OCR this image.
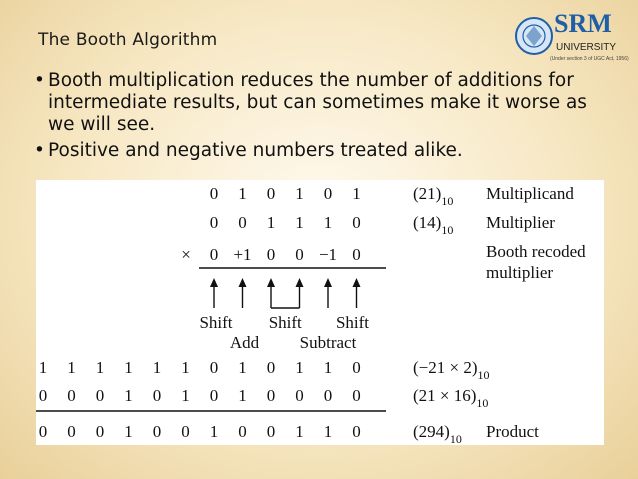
The Booth Algorithm
SRM
UNIVERSITY
(Under section 3 of UGC Act, 1956)
• Booth multiplication reduces the number of additions for intermediate results, but can sometimes make it worse as we will see.
• Positive and negative numbers treated alike.
0 1 0 1 0 1	$(21)_{10}$ Multiplicand
0 0 1 1 1 0	$(14)_{10}$ Multiplier
× 0 +1 0 0 −1 0	Booth recoded
multiplier
Shift
Add
Shift
Subtract
Shift
1 1 1 1 1 1 0 1 0 1 1 0	$(-21 \times 2)_{10}$
0 0 0 1 0 1 0 1 0 0 0 0	$(21 \times 16)_{10}$
0 0 0 1 0 0 1 0 0 1 1 0	$(294)_{10}$ Product
